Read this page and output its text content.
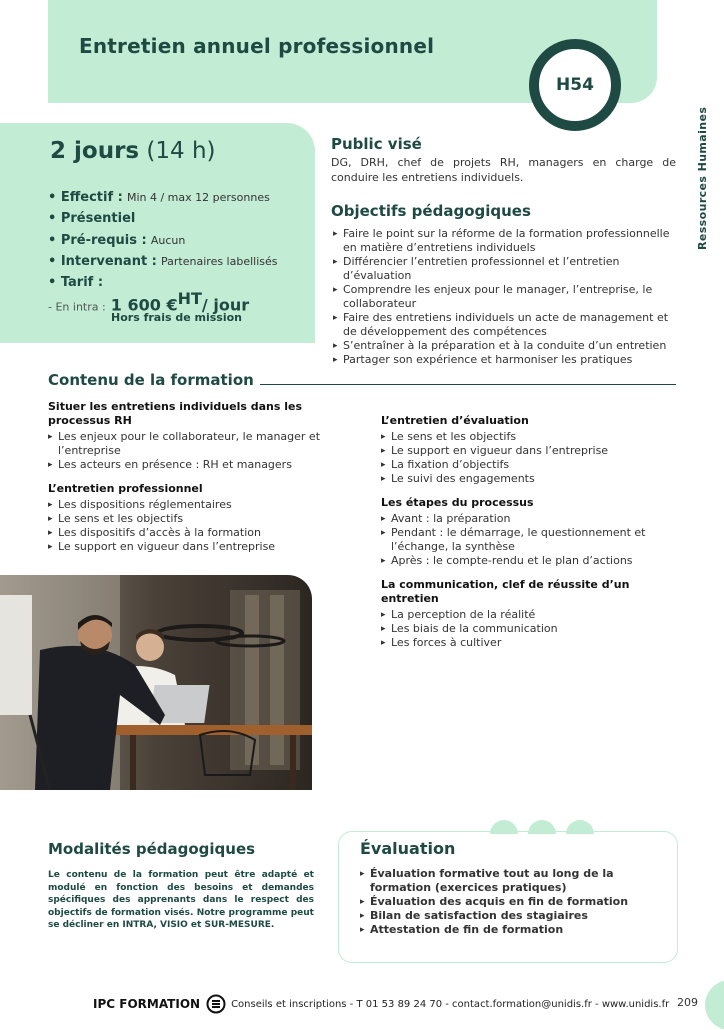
Entretien annuel professionnel
H54
Ressources Humaines
2 jours (14 h)
• Effectif : Min 4 / max 12 personnes
• Présentiel
• Pré-requis : Aucun
• Intervenant : Partenaires labellisés
• Tarif :
- En intra : 1 600 €$^{HT}$/ jour
Hors frais de mission
Public visé
DG, DRH, chef de projets RH, managers en charge de conduire les entretiens individuels.
Objectifs pédagogiques
▸ Faire le point sur la réforme de la formation professionnelle en matière d’entretiens individuels
▸ Différencier l’entretien professionnel et l’entretien d’évaluation
▸ Comprendre les enjeux pour le manager, l’entreprise, le collaborateur
▸ Faire des entretiens individuels un acte de management et de développement des compétences
▸ S’entraîner à la préparation et à la conduite d’un entretien
▸ Partager son expérience et harmoniser les pratiques
Contenu de la formation
Situer les entretiens individuels dans les processus RH
▸ Les enjeux pour le collaborateur, le manager et l’entreprise
▸ Les acteurs en présence : RH et managers
L’entretien professionnel
▸ Les dispositions réglementaires
▸ Le sens et les objectifs
▸ Les dispositifs d’accès à la formation
▸ Le support en vigueur dans l’entreprise
L’entretien d’évaluation
▸ Le sens et les objectifs
▸ Le support en vigueur dans l’entreprise
▸ La fixation d’objectifs
▸ Le suivi des engagements
Les étapes du processus
▸ Avant : la préparation
▸ Pendant : le démarrage, le questionnement et l’échange, la synthèse
▸ Après : le compte-rendu et le plan d’actions
La communication, clef de réussite d’un entretien
▸ La perception de la réalité
▸ Les biais de la communication
▸ Les forces à cultiver
Modalités pédagogiques
Le contenu de la formation peut être adapté et modulé en fonction des besoins et demandes spécifiques des apprenants dans le respect des objectifs de formation visés. Notre programme peut se décliner en INTRA, VISIO et SUR-MESURE.
Évaluation
▸ Évaluation formative tout au long de la formation (exercices pratiques)
▸ Évaluation des acquis en fin de formation
▸ Bilan de satisfaction des stagiaires
▸ Attestation de fin de formation
IPC FORMATION	Conseils et inscriptions - T 01 53 89 24 70 - contact.formation@unidis.fr - www.unidis.fr 209
